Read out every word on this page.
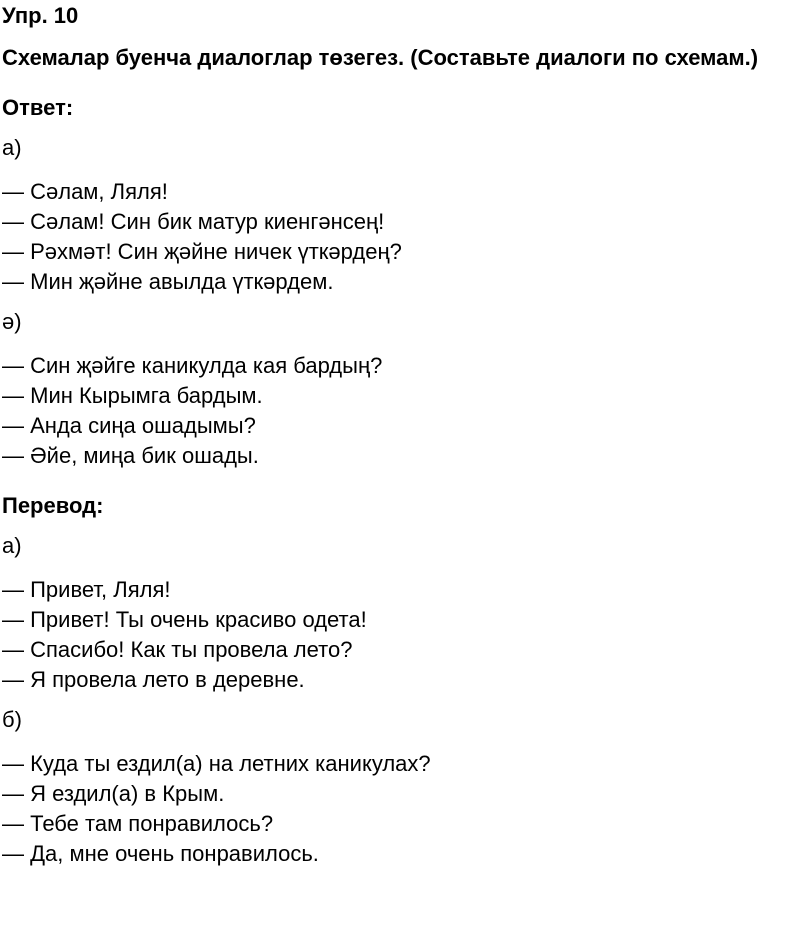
Упр. 10

Схемалар буенча диалоглар төзегез. (Составьте диалоги по схемам.)

Ответ:

а)

— Сәлам, Ляля!
— Сәлам! Син бик матур киенгәнсең!
— Рәхмәт! Син җәйне ничек үткәрдең?
— Мин җәйне авылда үткәрдем.

ә)

— Син җәйге каникулда кая бардың?
— Мин Кырымга бардым.
— Анда сиңа ошадымы?
— Әйе, миңа бик ошады.

Перевод:

а)

— Привет, Ляля!
— Привет! Ты очень красиво одета!
— Спасибо! Как ты провела лето?
— Я провела лето в деревне.

б)

— Куда ты ездил(а) на летних каникулах?
— Я ездил(а) в Крым.
— Тебе там понравилось?
— Да, мне очень понравилось.
